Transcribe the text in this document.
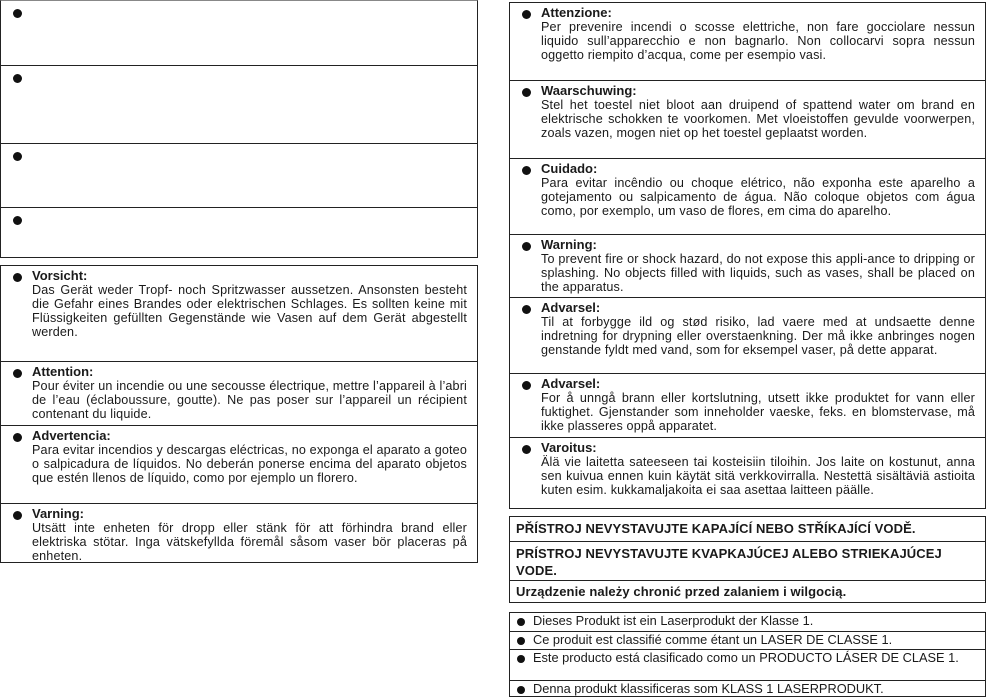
Vorsicht:
Das Gerät weder Tropf- noch Spritzwasser aussetzen. Ansonsten besteht die Gefahr eines Brandes oder elektrischen Schlages. Es sollten keine mit Flüssigkeiten gefüllten Gegenstände wie Vasen auf dem Gerät abgestellt werden.
Attention:
Pour éviter un incendie ou une secousse électrique, mettre l’appareil à l’abri de l’eau (éclaboussure, goutte). Ne pas poser sur l’appareil un récipient contenant du liquide.
Advertencia:
Para evitar incendios y descargas eléctricas, no exponga el aparato a goteo o salpicadura de líquidos. No deberán ponerse encima del aparato objetos que estén llenos de líquido, como por ejemplo un florero.
Varning:
Utsätt inte enheten för dropp eller stänk för att förhindra brand eller elektriska stötar. Inga vätskefyllda föremål såsom vaser bör placeras på enheten.
Attenzione:
Per prevenire incendi o scosse elettriche, non fare gocciolare nessun liquido sull’apparecchio e non bagnarlo. Non collocarvi sopra nessun oggetto riempito d’acqua, come per esempio vasi.
Waarschuwing:
Stel het toestel niet bloot aan druipend of spattend water om brand en elektrische schokken te voorkomen. Met vloeistoffen gevulde voorwerpen, zoals vazen, mogen niet op het toestel geplaatst worden.
Cuidado:
Para evitar incêndio ou choque elétrico, não exponha este aparelho a gotejamento ou salpicamento de água. Não coloque objetos com água como, por exemplo, um vaso de flores, em cima do aparelho.
Warning:
To prevent fire or shock hazard, do not expose this appli-ance to dripping or splashing. No objects filled with liquids, such as vases, shall be placed on the apparatus.
Advarsel:
Til at forbygge ild og stød risiko, lad vaere med at undsaette denne indretning for drypning eller overstaenkning. Der må ikke anbringes nogen genstande fyldt med vand, som for eksempel vaser, på dette apparat.
Advarsel:
For å unngå brann eller kortslutning, utsett ikke produktet for vann eller fuktighet. Gjenstander som inneholder vaeske, feks. en blomstervase, må ikke plasseres oppå apparatet.
Varoitus:
Älä vie laitetta sateeseen tai kosteisiin tiloihin. Jos laite on kostunut, anna sen kuivua ennen kuin käytät sitä verkkovirralla. Nestettä sisältäviä astioita kuten esim. kukkamaljakoita ei saa asettaa laitteen päälle.
PŘÍSTROJ NEVYSTAVUJTE KAPAJÍCÍ NEBO STŘÍKAJÍCÍ VODĚ.
PRÍSTROJ NEVYSTAVUJTE KVAPKAJÚCEJ ALEBO STRIEKAJÚCEJ VODE.
Urządzenie należy chronić przed zalaniem i wilgocią.
Dieses Produkt ist ein Laserprodukt der Klasse 1.
Ce produit est classifié comme étant un LASER DE CLASSE 1.
Este producto está clasificado como un PRODUCTO LÁSER DE CLASE 1.
Denna produkt klassificeras som KLASS 1 LASERPRODUKT.
